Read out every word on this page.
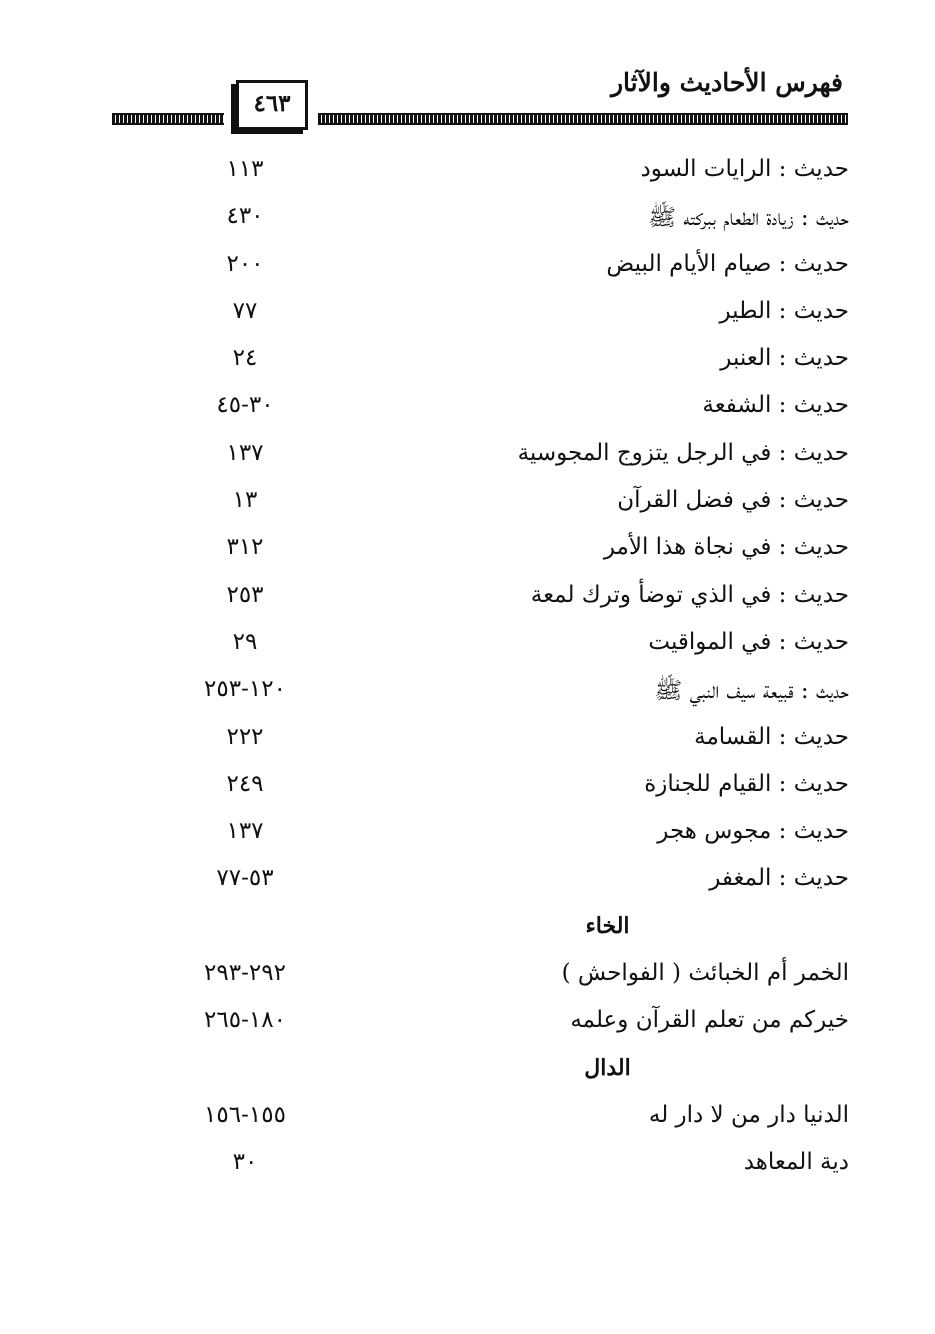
فهرس الأحاديث والآثار
٤٦٣
حديث : الرايات السود
١١٣
حديث : زيادة الطعام ببركته ﷺ
٤٣٠
حديث : صيام الأيام البيض
٢٠٠
حديث : الطير
٧٧
حديث : العنبر
٢٤
حديث : الشفعة
٣٠-٤٥
حديث : في الرجل يتزوج المجوسية
١٣٧
حديث : في فضل القرآن
١٣
حديث : في نجاة هذا الأمر
٣١٢
حديث : في الذي توضأ وترك لمعة
٢٥٣
حديث : في المواقيت
٢٩
حديث : قبيعة سيف النبي ﷺ
١٢٠-٢٥٣
حديث : القسامة
٢٢٢
حديث : القيام للجنازة
٢٤٩
حديث : مجوس هجر
١٣٧
حديث : المغفر
٥٣-٧٧
الخاء
الخمر أم الخبائث ( الفواحش )
٢٩٢-٢٩٣
خيركم من تعلم القرآن وعلمه
١٨٠-٢٦٥
الدال
الدنيا دار من لا دار له
١٥٥-١٥٦
دية المعاهد
٣٠
